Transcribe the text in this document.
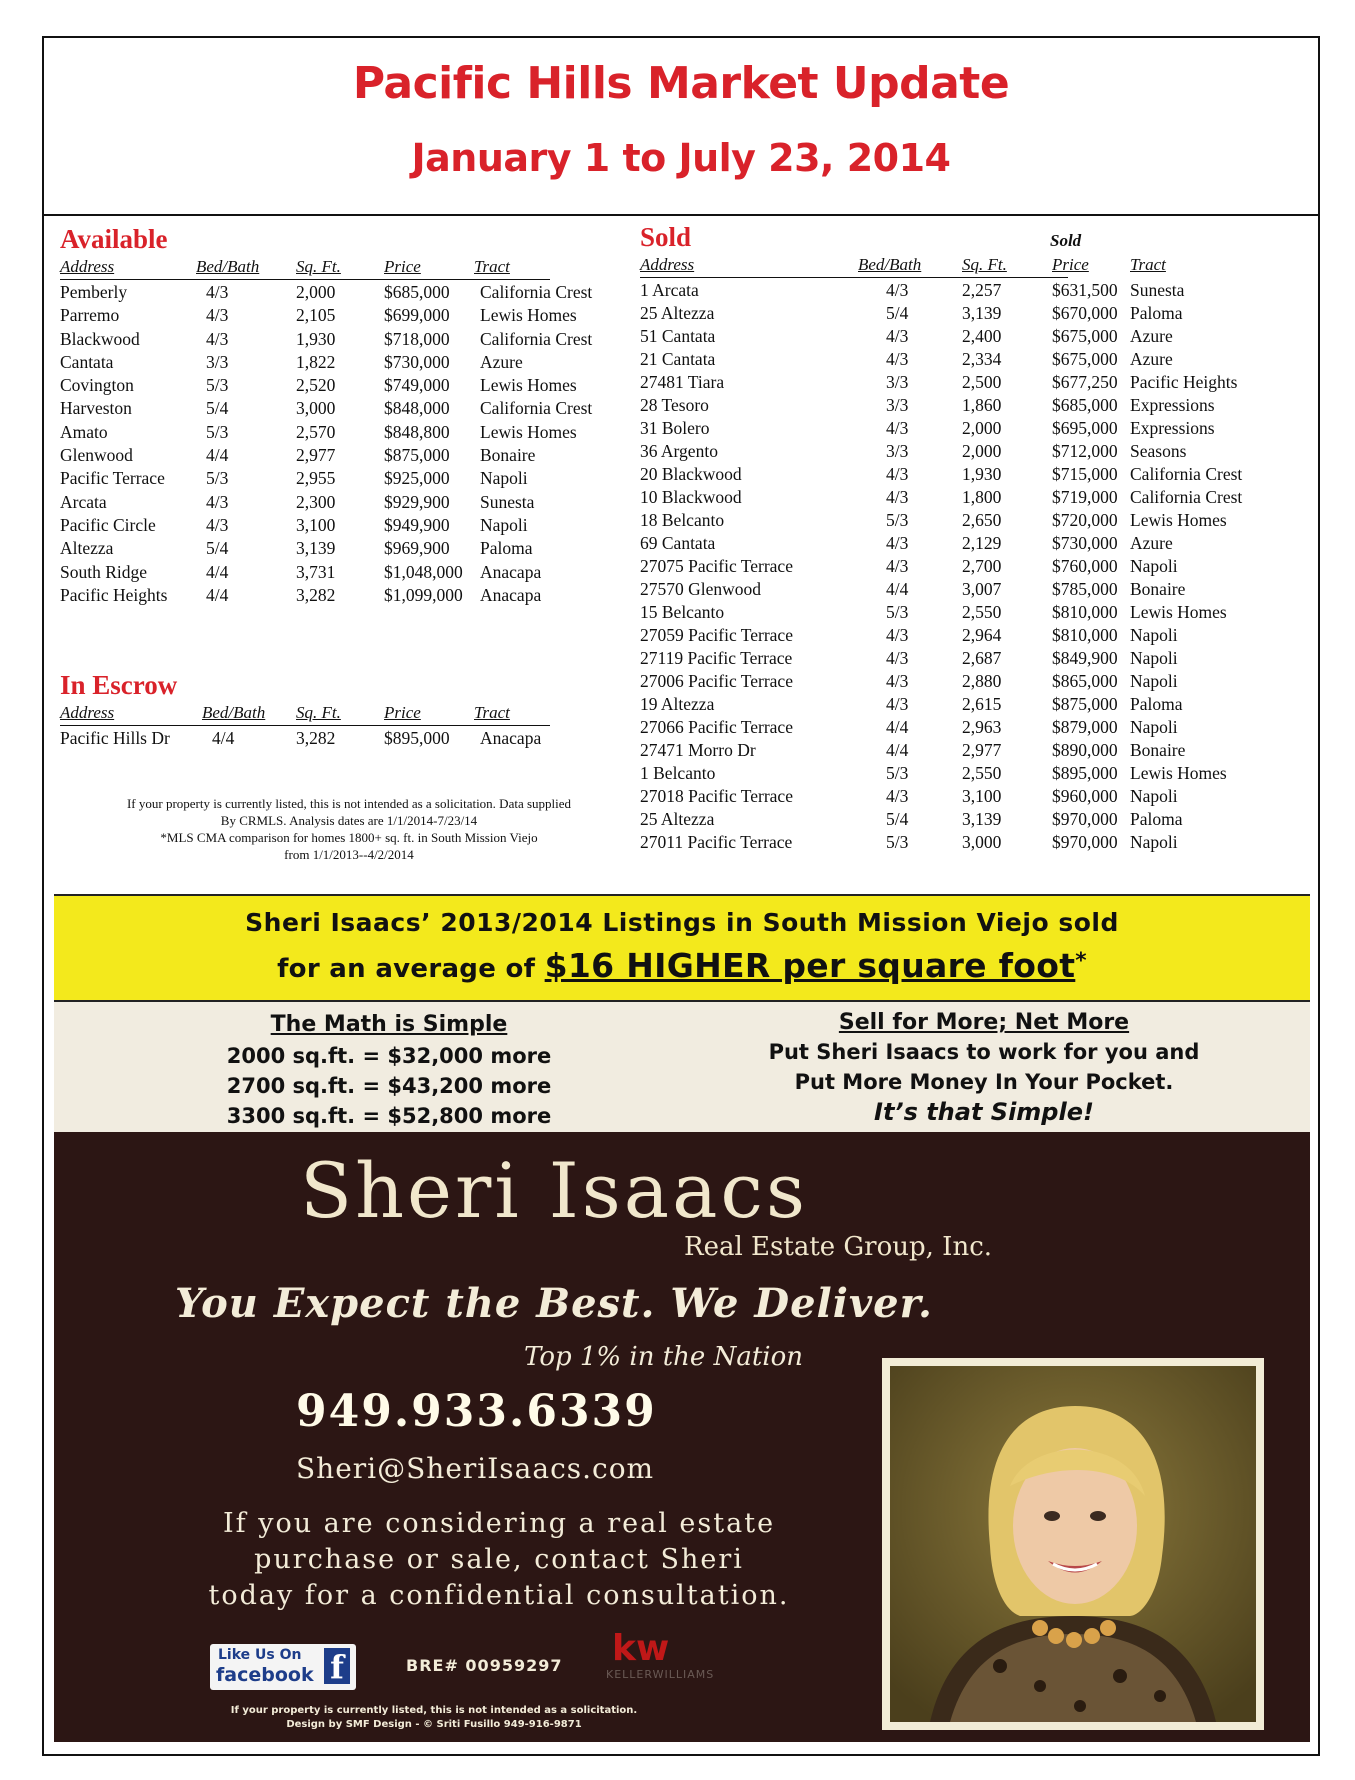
Pacific Hills Market Update
January 1 to July 23, 2014
Available
Address	Bed/Bath Sq. Ft.	Price	Tract
Pemberly	4/3	2,000	$685,000 California Crest
Parremo	4/3	2,105	$699,000 Lewis Homes
Blackwood	4/3	1,930	$718,000 California Crest
Cantata	3/3	1,822	$730,000 Azure
Covington	5/3	2,520	$749,000 Lewis Homes
Harveston	5/4	3,000	$848,000 California Crest
Amato	5/3	2,570	$848,800 Lewis Homes
Glenwood	4/4	2,977	$875,000 Bonaire
Pacific Terrace 5/3	2,955	$925,000 Napoli
Arcata	4/3	2,300	$929,900 Sunesta
Pacific Circle	4/3	3,100	$949,900 Napoli
Altezza	5/4	3,139	$969,900 Paloma
South Ridge	4/4	3,731	$1,048,000 Anacapa
Pacific Heights 4/4	3,282	$1,099,000 Anacapa
In Escrow
Address	Bed/Bath Sq. Ft.	Price	Tract
Pacific Hills Dr 4/4	3,282	$895,000 Anacapa
If your property is currently listed, this is not intended as a solicitation. Data supplied
By CRMLS. Analysis dates are 1/1/2014-7/23/14
*MLS CMA comparison for homes 1800+ sq. ft. in South Mission Viejo
from 1/1/2013--4/2/2014
Sold	Sold
Address	Bed/Bath Sq. Ft.	Price Tract
1 Arcata	4/3	2,257	$631,500 Sunesta
25 Altezza	5/4	3,139	$670,000 Paloma
51 Cantata	4/3	2,400	$675,000 Azure
21 Cantata	4/3	2,334	$675,000 Azure
27481 Tiara	3/3	2,500	$677,250 Pacific Heights
28 Tesoro	3/3	1,860	$685,000 Expressions
31 Bolero	4/3	2,000	$695,000 Expressions
36 Argento	3/3	2,000	$712,000 Seasons
20 Blackwood	4/3	1,930	$715,000 California Crest
10 Blackwood	4/3	1,800	$719,000 California Crest
18 Belcanto	5/3	2,650	$720,000 Lewis Homes
69 Cantata	4/3	2,129	$730,000 Azure
27075 Pacific Terrace	4/3	2,700	$760,000 Napoli
27570 Glenwood	4/4	3,007	$785,000 Bonaire
15 Belcanto	5/3	2,550	$810,000 Lewis Homes
27059 Pacific Terrace	4/3	2,964	$810,000 Napoli
27119 Pacific Terrace	4/3	2,687	$849,900 Napoli
27006 Pacific Terrace	4/3	2,880	$865,000 Napoli
19 Altezza	4/3	2,615	$875,000 Paloma
27066 Pacific Terrace	4/4	2,963	$879,000 Napoli
27471 Morro Dr	4/4	2,977	$890,000 Bonaire
1 Belcanto	5/3	2,550	$895,000 Lewis Homes
27018 Pacific Terrace	4/3	3,100	$960,000 Napoli
25 Altezza	5/4	3,139	$970,000 Paloma
27011 Pacific Terrace	5/3	3,000	$970,000 Napoli
Sheri Isaacs’ 2013/2014 Listings in South Mission Viejo sold
for an average of $16 HIGHER per square foot*
The Math is Simple
2000 sq.ft. = $32,000 more
2700 sq.ft. = $43,200 more
3300 sq.ft. = $52,800 more
Sell for More; Net More
Put Sheri Isaacs to work for you and
Put More Money In Your Pocket.
It’s that Simple!
Sheri Isaacs
Real Estate Group, Inc.
You Expect the Best. We Deliver.
Top 1% in the Nation
949.933.6339
Sheri@SheriIsaacs.com
If you are considering a real estate
purchase or sale, contact Sheri
today for a confidential consultation.
Like Us On
facebook f	BRE# 00959297 kw
KELLERWILLIAMS
If your property is currently listed, this is not intended as a solicitation.
Design by SMF Design - © Sriti Fusillo 949-916-9871
